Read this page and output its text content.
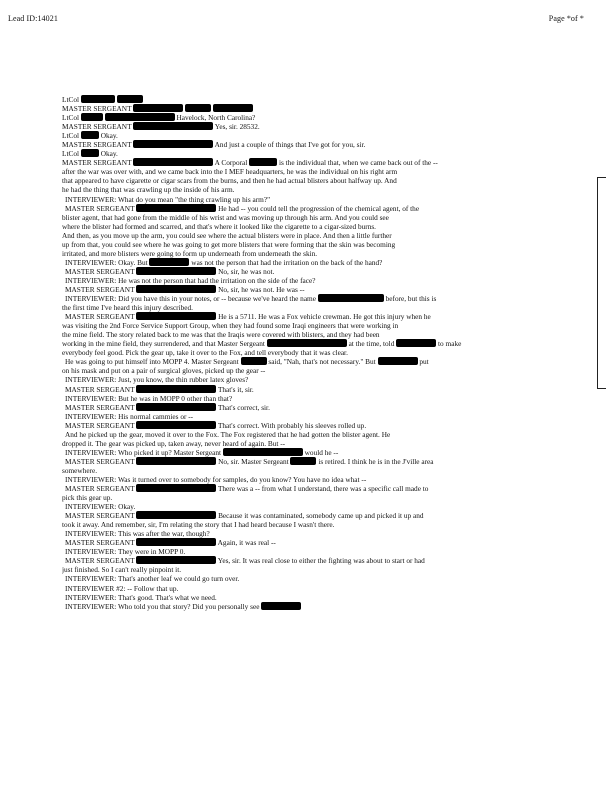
Lead ID:14021	Page *of *
LtCol
MASTER SERGEANT
LtCol	Havelock, North Carolina?
MASTER SERGEANT	Yes, sir. 28532.
LtCol	Okay.
MASTER SERGEANT	And just a couple of things that I've got for you, sir.
LtCol	Okay.
MASTER SERGEANT	A Corporal	is the individual that, when we came back out of the --
after the war was over with, and we came back into the I MEF headquarters, he was the individual on his right arm
that appeared to have cigarette or cigar scars from the burns, and then he had actual blisters about halfway up. And
he had the thing that was crawling up the inside of his arm.
INTERVIEWER: What do you mean "the thing crawling up his arm?"
MASTER SERGEANT	He had -- you could tell the progression of the chemical agent, of the
blister agent, that had gone from the middle of his wrist and was moving up through his arm. And you could see
where the blister had formed and scarred, and that's where it looked like the cigarette to a cigar-sized burns.
And then, as you move up the arm, you could see where the actual blisters were in place. And then a little further
up from that, you could see where he was going to get more blisters that were forming that the skin was becoming
irritated, and more blisters were going to form up underneath from underneath the skin.
INTERVIEWER: Okay. But	was not the person that had the irritation on the back of the hand?
MASTER SERGEANT	No, sir, he was not.
INTERVIEWER: He was not the person that had the irritation on the side of the face?
MASTER SERGEANT	No, sir, he was not. He was --
INTERVIEWER: Did you have this in your notes, or -- because we've heard the name	before, but this is
the first time I've heard this injury described.
MASTER SERGEANT	He is a 5711. He was a Fox vehicle crewman. He got this injury when he
was visiting the 2nd Force Service Support Group, when they had found some Iraqi engineers that were working in
the mine field. The story related back to me was that the Iraqis were covered with blisters, and they had been
working in the mine field, they surrendered, and that Master Sergeant	at the time, told	to make
everybody feel good. Pick the gear up, take it over to the Fox, and tell everybody that it was clear.
He was going to put himself into MOPP 4. Master Sergeant	said, "Nah, that's not necessary." But	put
on his mask and put on a pair of surgical gloves, picked up the gear --
INTERVIEWER: Just, you know, the thin rubber latex gloves?
MASTER SERGEANT	That's it, sir.
INTERVIEWER: But he was in MOPP 0 other than that?
MASTER SERGEANT	That's correct, sir.
INTERVIEWER: His normal cammies or --
MASTER SERGEANT	That's correct. With probably his sleeves rolled up.
And he picked up the gear, moved it over to the Fox. The Fox registered that he had gotten the blister agent. He
dropped it. The gear was picked up, taken away, never heard of again. But --
INTERVIEWER: Who picked it up? Master Sergeant	would he --
MASTER SERGEANT	No, sir. Master Sergeant	is retired. I think he is in the J'ville area
somewhere.
INTERVIEWER: Was it turned over to somebody for samples, do you know? You have no idea what --
MASTER SERGEANT	There was a -- from what I understand, there was a specific call made to
pick this gear up.
INTERVIEWER: Okay.
MASTER SERGEANT	Because it was contaminated, somebody came up and picked it up and
took it away. And remember, sir, I'm relating the story that I had heard because I wasn't there.
INTERVIEWER: This was after the war, though?
MASTER SERGEANT	Again, it was real --
INTERVIEWER: They were in MOPP 0.
MASTER SERGEANT	Yes, sir. It was real close to either the fighting was about to start or had
just finished. So I can't really pinpoint it.
INTERVIEWER: That's another leaf we could go turn over.
INTERVIEWER #2: -- Follow that up.
INTERVIEWER: That's good. That's what we need.
INTERVIEWER: Who told you that story? Did you personally see
